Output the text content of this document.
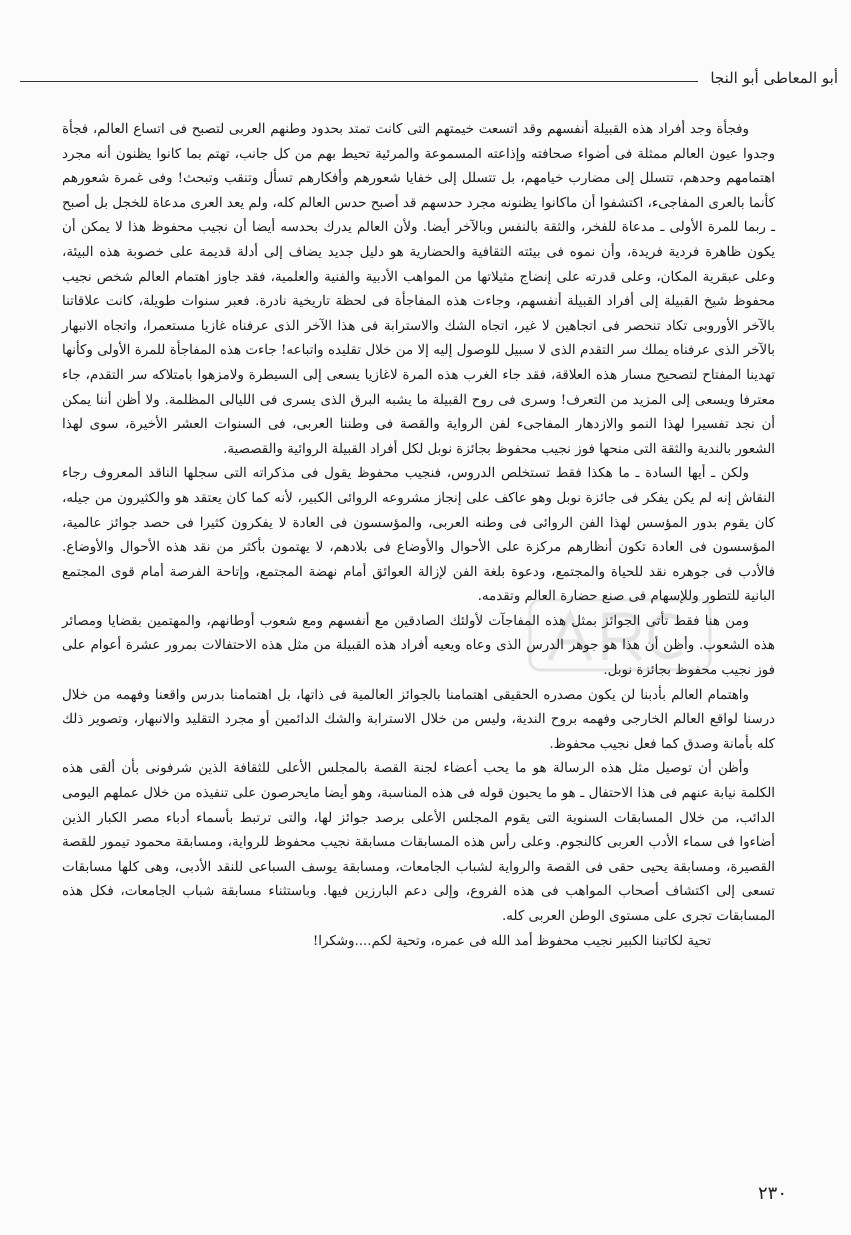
أبو المعاطى أبو النجا

وفجأة وجد أفراد هذه القبيلة أنفسهم وقد اتسعت خيمتهم التى كانت تمتد بحدود وطنهم العربى لتصبح فى اتساع العالم، فجأة وجدوا عيون العالم ممثلة فى أضواء صحافته وإذاعته المسموعة والمرئية تحيط بهم من كل جانب، تهتم بما كانوا يظنون أنه مجرد اهتمامهم وحدهم، تتسلل إلى مضارب خيامهم، بل تتسلل إلى خفايا شعورهم وأفكارهم تسأل وتنقب وتبحث! وفى غمرة شعورهم كأنما بالعرى المفاجىء، اكتشفوا أن ماكانوا يظنونه مجرد حدسهم قد أصبح حدس العالم كله، ولم يعد العرى مدعاة للخجل بل أصبح ـ ربما للمرة الأولى ـ مدعاة للفخر، والثقة بالنفس وبالآخر أيضا. ولأن العالم يدرك بحدسه أيضا أن نجيب محفوظ هذا لا يمكن أن يكون ظاهرة فردية فريدة، وأن نموه فى بيئته الثقافية والحضارية هو دليل جديد يضاف إلى أدلة قديمة على خصوبة هذه البيئة، وعلى عبقرية المكان، وعلى قدرته على إنضاج مثيلاتها من المواهب الأدبية والفنية والعلمية، فقد جاوز اهتمام العالم شخص نجيب محفوظ شيخ القبيلة إلى أفراد القبيلة أنفسهم، وجاءت هذه المفاجأة فى لحظة تاريخية نادرة. فعبر سنوات طويلة، كانت علاقاتنا بالآخر الأوروبى تكاد تنحصر فى اتجاهين لا غير، اتجاه الشك والاسترابة فى هذا الآخر الذى عرفناه غازيا مستعمرا، واتجاه الانبهار بالآخر الذى عرفناه يملك سر التقدم الذى لا سبيل للوصول إليه إلا من خلال تقليده واتباعه! جاءت هذه المفاجأة للمرة الأولى وكأنها تهدينا المفتاح لتصحيح مسار هذه العلاقة، فقد جاء الغرب هذه المرة لاغازيا يسعى إلى السيطرة ولامزهوا بامتلاكه سر التقدم، جاء معترفا ويسعى إلى المزيد من التعرف! وسرى فى روح القبيلة ما يشبه البرق الذى يسرى فى الليالى المظلمة. ولا أظن أننا يمكن أن نجد تفسيرا لهذا النمو والازدهار المفاجىء لفن الرواية والقصة فى وطننا العربى، فى السنوات العشر الأخيرة، سوى لهذا الشعور بالندية والثقة التى منحها فوز نجيب محفوظ بجائزة نوبل لكل أفراد القبيلة الروائية والقصصية.

ولكن ـ أيها السادة ـ ما هكذا فقط تستخلص الدروس، فنجيب محفوظ يقول فى مذكراته التى سجلها الناقد المعروف رجاء النقاش إنه لم يكن يفكر فى جائزة نوبل وهو عاكف على إنجاز مشروعه الروائى الكبير، لأنه كما كان يعتقد هو والكثيرون من جيله، كان يقوم بدور المؤسس لهذا الفن الروائى فى وطنه العربى، والمؤسسون فى العادة لا يفكرون كثيرا فى حصد جوائز عالمية، المؤسسون فى العادة تكون أنظارهم مركزة على الأحوال والأوضاع فى بلادهم، لا يهتمون بأكثر من نقد هذه الأحوال والأوضاع. فالأدب فى جوهره نقد للحياة والمجتمع، ودعوة بلغة الفن لإزالة العوائق أمام نهضة المجتمع، وإتاحة الفرصة أمام قوى المجتمع البانية للتطور وللإسهام فى صنع حضارة العالم وتقدمه.

ومن هنا فقط تأتى الجوائز بمثل هذه المفاجآت لأولئك الصادقين مع أنفسهم ومع شعوب أوطانهم، والمهتمين بقضايا ومصائر هذه الشعوب. وأظن أن هذا هو جوهر الدرس الذى وعاه ويعيه أفراد هذه القبيلة من مثل هذه الاحتفالات بمرور عشرة أعوام على فوز نجيب محفوظ بجائزة نوبل.

واهتمام العالم بأدبنا لن يكون مصدره الحقيقى اهتمامنا بالجوائز العالمية فى ذاتها، بل اهتمامنا بدرس واقعنا وفهمه من خلال درسنا لواقع العالم الخارجى وفهمه بروح الندية، وليس من خلال الاسترابة والشك الدائمين أو مجرد التقليد والانبهار، وتصوير ذلك كله بأمانة وصدق كما فعل نجيب محفوظ.

وأظن أن توصيل مثل هذه الرسالة هو ما يحب أعضاء لجنة القصة بالمجلس الأعلى للثقافة الذين شرفونى بأن ألقى هذه الكلمة نيابة عنهم فى هذا الاحتفال ـ هو ما يحبون قوله فى هذه المناسبة، وهو أيضا مايحرصون على تنفيذه من خلال عملهم اليومى الدائب، من خلال المسابقات السنوية التى يقوم المجلس الأعلى برصد جوائز لها، والتى ترتبط بأسماء أدباء مصر الكبار الذين أضاءوا فى سماء الأدب العربى كالنجوم. وعلى رأس هذه المسابقات مسابقة نجيب محفوظ للرواية، ومسابقة محمود تيمور للقصة القصيرة، ومسابقة يحيى حقى فى القصة والرواية لشباب الجامعات، ومسابقة يوسف السباعى للنقد الأدبى، وهى كلها مسابقات تسعى إلى اكتشاف أصحاب المواهب فى هذه الفروع، وإلى دعم البارزين فيها. وباستثناء مسابقة شباب الجامعات، فكل هذه المسابقات تجرى على مستوى الوطن العربى كله.

تحية لكاتبنا الكبير نجيب محفوظ أمد الله فى عمره، وتحية لكم....وشكرا!

٢٣٠
